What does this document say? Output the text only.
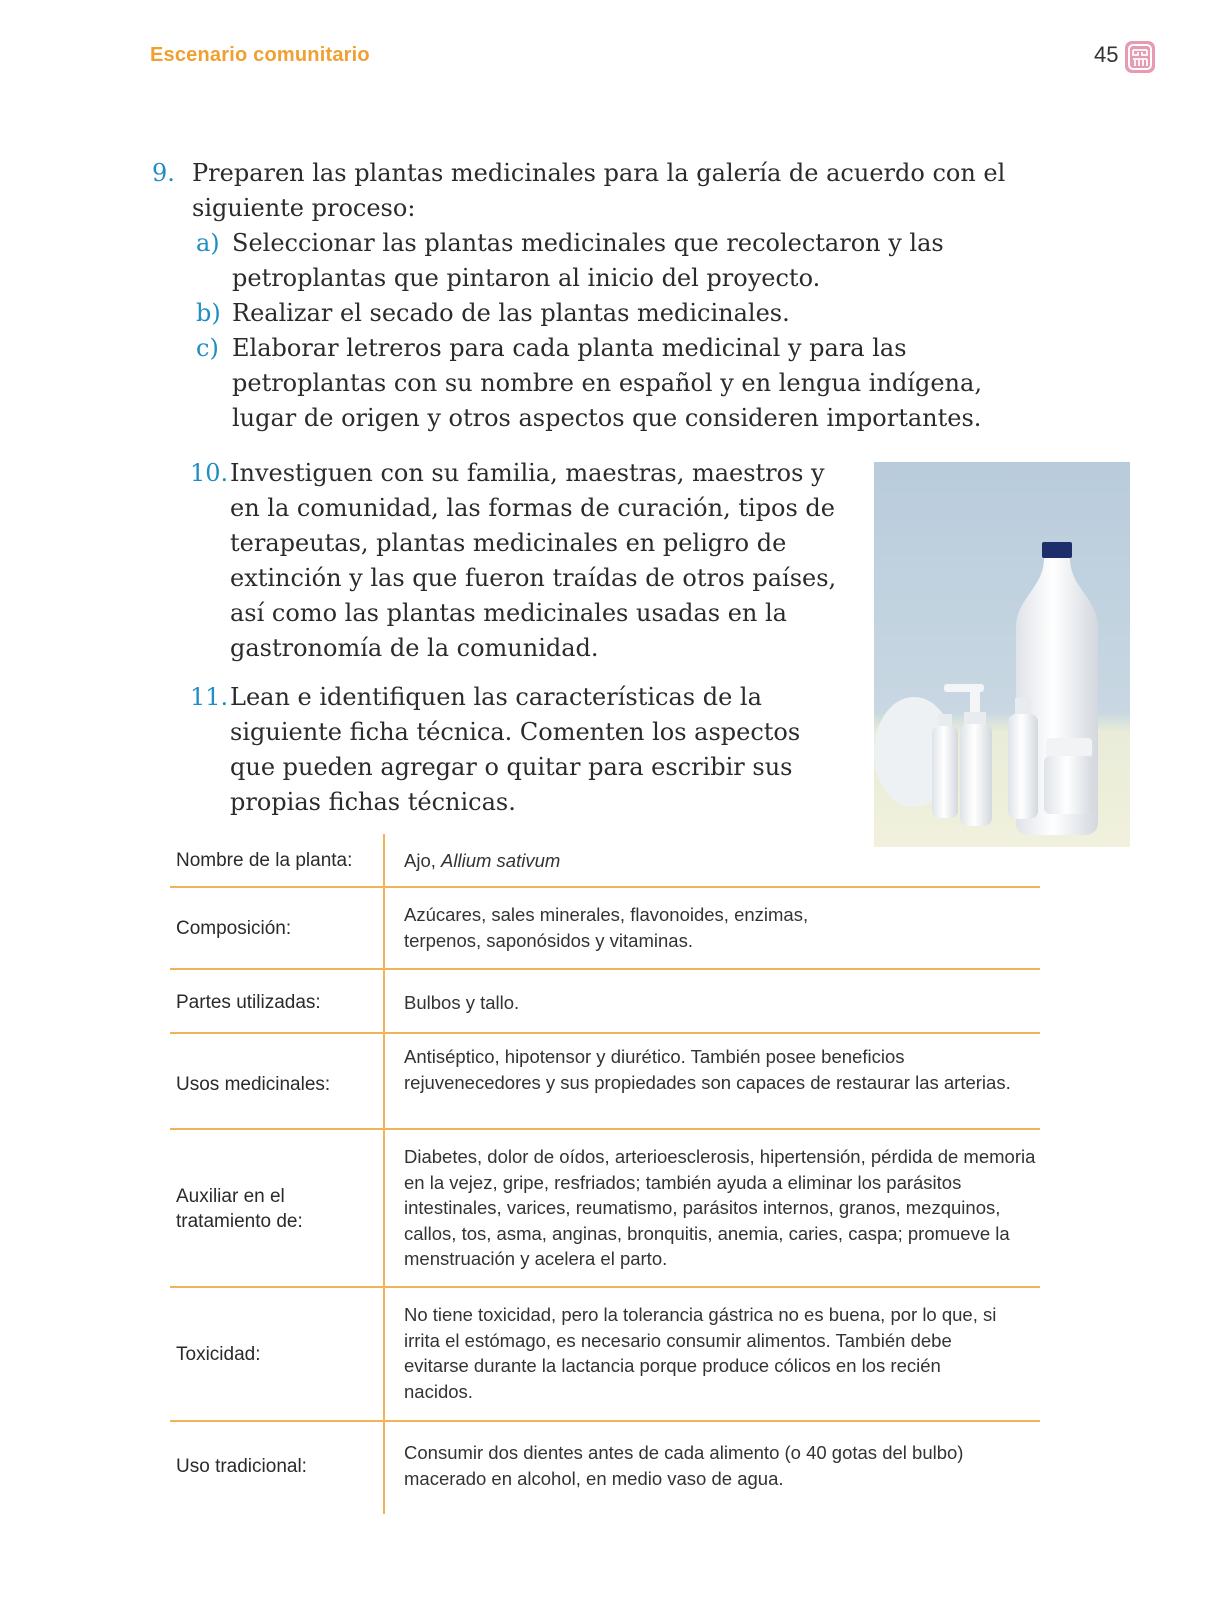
Escenario comunitario	45
9. Preparen las plantas medicinales para la galería de acuerdo con el siguiente proceso:
a) Seleccionar las plantas medicinales que recolectaron y las petroplantas que pintaron al inicio del proyecto.
b) Realizar el secado de las plantas medicinales.
c) Elaborar letreros para cada planta medicinal y para las petroplantas con su nombre en español y en lengua indígena, lugar de origen y otros aspectos que consideren importantes.
10. Investiguen con su familia, maestras, maestros y en la comunidad, las formas de curación, tipos de terapeutas, plantas medicinales en peligro de extinción y las que fueron traídas de otros países, así como las plantas medicinales usadas en la gastronomía de la comunidad.
11. Lean e identifiquen las características de la siguiente ficha técnica. Comenten los aspectos que pueden agregar o quitar para escribir sus propias fichas técnicas.
Nombre de la planta:	Ajo, Allium sativum
Composición:
Azúcares, sales minerales, flavonoides, enzimas, terpenos, saponósidos y vitaminas.
Partes utilizadas:	Bulbos y tallo.
Usos medicinales:
Antiséptico, hipotensor y diurético. También posee beneficios rejuvenecedores y sus propiedades son capaces de restaurar las arterias.
Auxiliar en el tratamiento de:
Diabetes, dolor de oídos, arterioesclerosis, hipertensión, pérdida de memoria en la vejez, gripe, resfriados; también ayuda a eliminar los parásitos intestinales, varices, reumatismo, parásitos internos, granos, mezquinos, callos, tos, asma, anginas, bronquitis, anemia, caries, caspa; promueve la menstruación y acelera el parto.
Toxicidad:
No tiene toxicidad, pero la tolerancia gástrica no es buena, por lo que, si irrita el estómago, es necesario consumir alimentos. También debe evitarse durante la lactancia porque produce cólicos en los recién nacidos.
Uso tradicional:
Consumir dos dientes antes de cada alimento (o 40 gotas del bulbo) macerado en alcohol, en medio vaso de agua.
